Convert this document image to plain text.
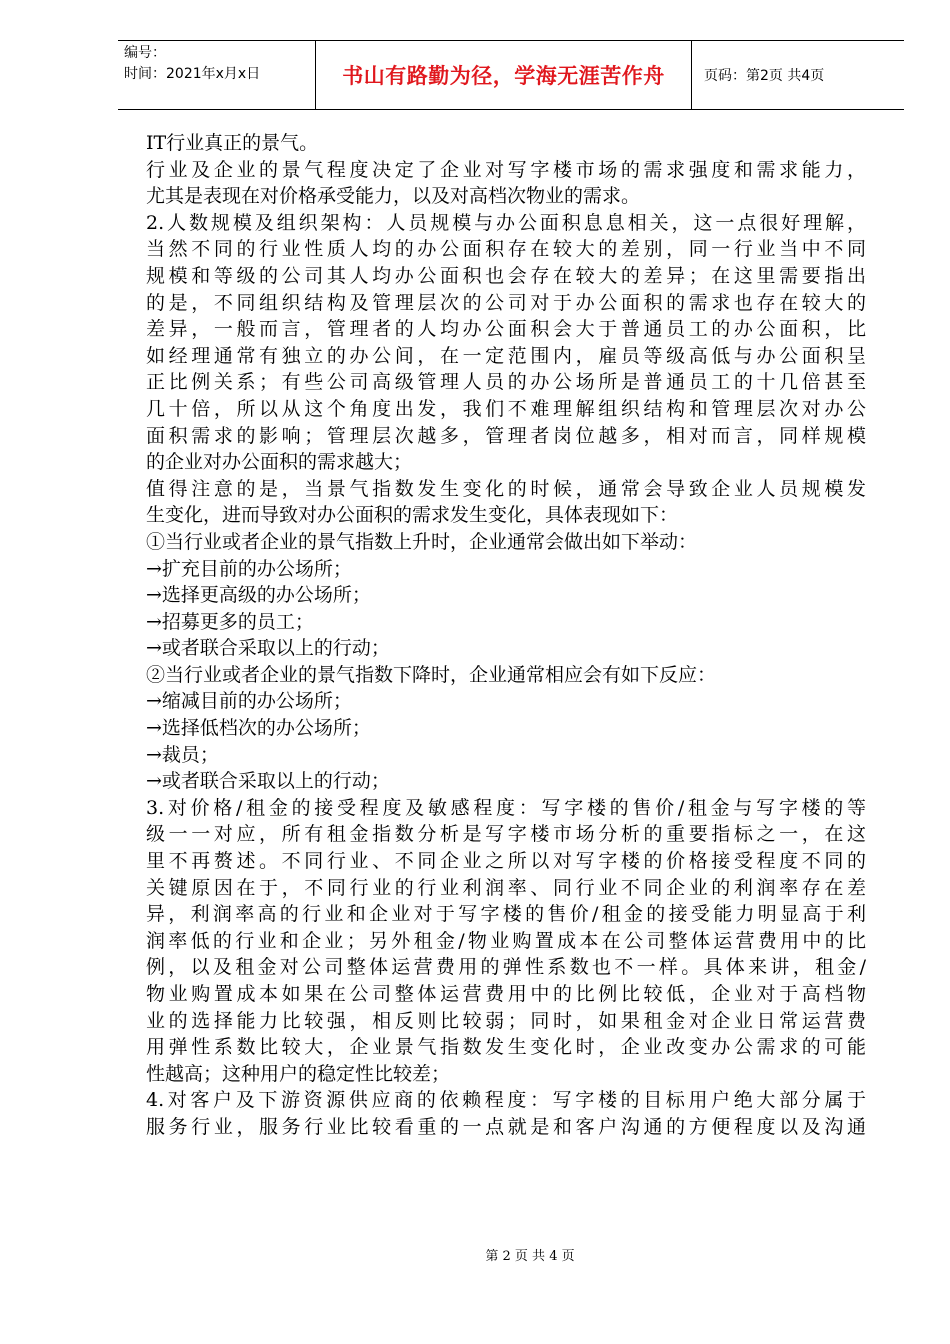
编号：
时间：2021年x月x日	书山有路勤为径，学海无涯苦作舟	页码：第2页 共4页
IT行业真正的景气。
行业及企业的景气程度决定了企业对写字楼市场的需求强度和需求能力，
尤其是表现在对价格承受能力，以及对高档次物业的需求。
2.人数规模及组织架构：人员规模与办公面积息息相关，这一点很好理解，
当然不同的行业性质人均的办公面积存在较大的差别，同一行业当中不同
规模和等级的公司其人均办公面积也会存在较大的差异；在这里需要指出
的是，不同组织结构及管理层次的公司对于办公面积的需求也存在较大的
差异，一般而言，管理者的人均办公面积会大于普通员工的办公面积，比
如经理通常有独立的办公间，在一定范围内，雇员等级高低与办公面积呈
正比例关系；有些公司高级管理人员的办公场所是普通员工的十几倍甚至
几十倍，所以从这个角度出发，我们不难理解组织结构和管理层次对办公
面积需求的影响；管理层次越多，管理者岗位越多，相对而言，同样规模
的企业对办公面积的需求越大；
值得注意的是，当景气指数发生变化的时候，通常会导致企业人员规模发
生变化，进而导致对办公面积的需求发生变化，具体表现如下：
①当行业或者企业的景气指数上升时，企业通常会做出如下举动：
→扩充目前的办公场所；
→选择更高级的办公场所；
→招募更多的员工；
→或者联合采取以上的行动；
②当行业或者企业的景气指数下降时，企业通常相应会有如下反应：
→缩减目前的办公场所；
→选择低档次的办公场所；
→裁员；
→或者联合采取以上的行动；
3.对价格/租金的接受程度及敏感程度：写字楼的售价/租金与写字楼的等
级一一对应，所有租金指数分析是写字楼市场分析的重要指标之一，在这
里不再赘述。不同行业、不同企业之所以对写字楼的价格接受程度不同的
关键原因在于，不同行业的行业利润率、同行业不同企业的利润率存在差
异，利润率高的行业和企业对于写字楼的售价/租金的接受能力明显高于利
润率低的行业和企业；另外租金/物业购置成本在公司整体运营费用中的比
例，以及租金对公司整体运营费用的弹性系数也不一样。具体来讲，租金/
物业购置成本如果在公司整体运营费用中的比例比较低，企业对于高档物
业的选择能力比较强，相反则比较弱；同时，如果租金对企业日常运营费
用弹性系数比较大，企业景气指数发生变化时，企业改变办公需求的可能
性越高；这种用户的稳定性比较差；
4.对客户及下游资源供应商的依赖程度：写字楼的目标用户绝大部分属于
服务行业，服务行业比较看重的一点就是和客户沟通的方便程度以及沟通
第 2 页 共 4 页
